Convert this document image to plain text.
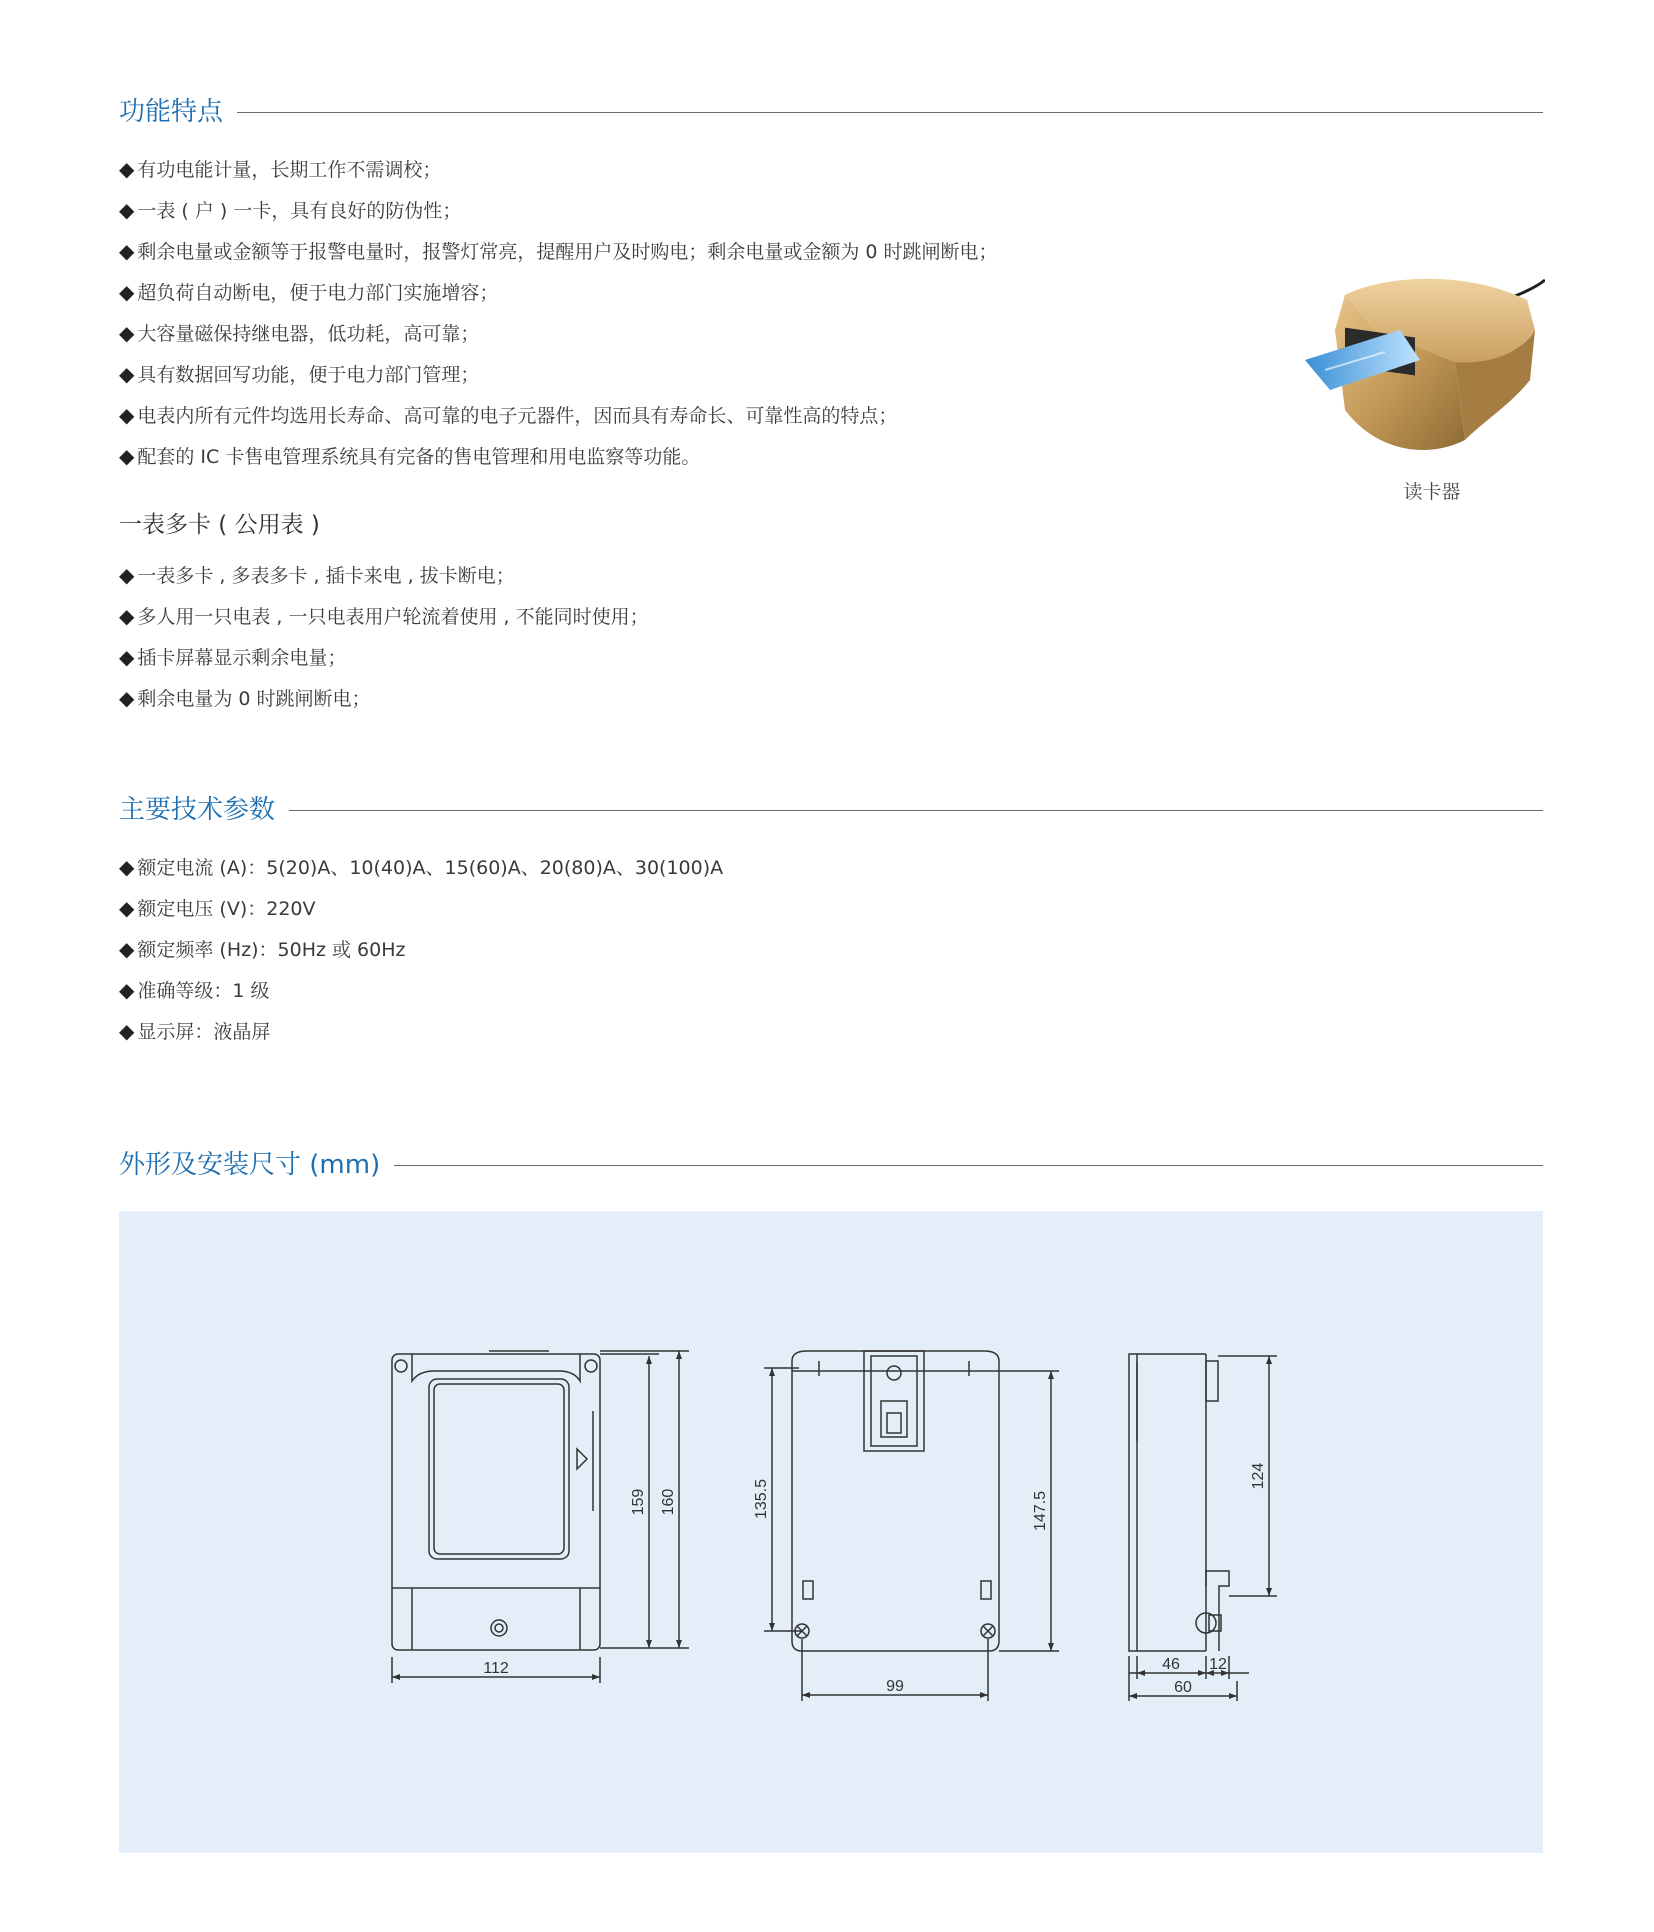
功能特点
◆ 有功电能计量，长期工作不需调校；
◆ 一表 ( 户 ) 一卡，具有良好的防伪性；
◆ 剩余电量或金额等于报警电量时，报警灯常亮，提醒用户及时购电；剩余电量或金额为 0 时跳闸断电；
◆ 超负荷自动断电，便于电力部门实施增容；
◆ 大容量磁保持继电器，低功耗，高可靠；
◆ 具有数据回写功能，便于电力部门管理；
◆ 电表内所有元件均选用长寿命、高可靠的电子元器件，因而具有寿命长、可靠性高的特点；
◆ 配套的 IC 卡售电管理系统具有完备的售电管理和用电监察等功能。
读卡器
一表多卡 ( 公用表 )
◆ 一表多卡 , 多表多卡 , 插卡来电 , 拔卡断电；
◆ 多人用一只电表 , 一只电表用户轮流着使用 , 不能同时使用；
◆ 插卡屏幕显示剩余电量；
◆ 剩余电量为 0 时跳闸断电；
主要技术参数
◆ 额定电流 (A)：5(20)A、10(40)A、15(60)A、20(80)A、30(100)A
◆ 额定电压 (V)：220V
◆ 额定频率 (Hz)：50Hz 或 60Hz
◆ 准确等级：1 级
◆ 显示屏：液晶屏
外形及安装尺寸 (mm)
112
159 160
99
135.5	147.5
124
46 12
60
